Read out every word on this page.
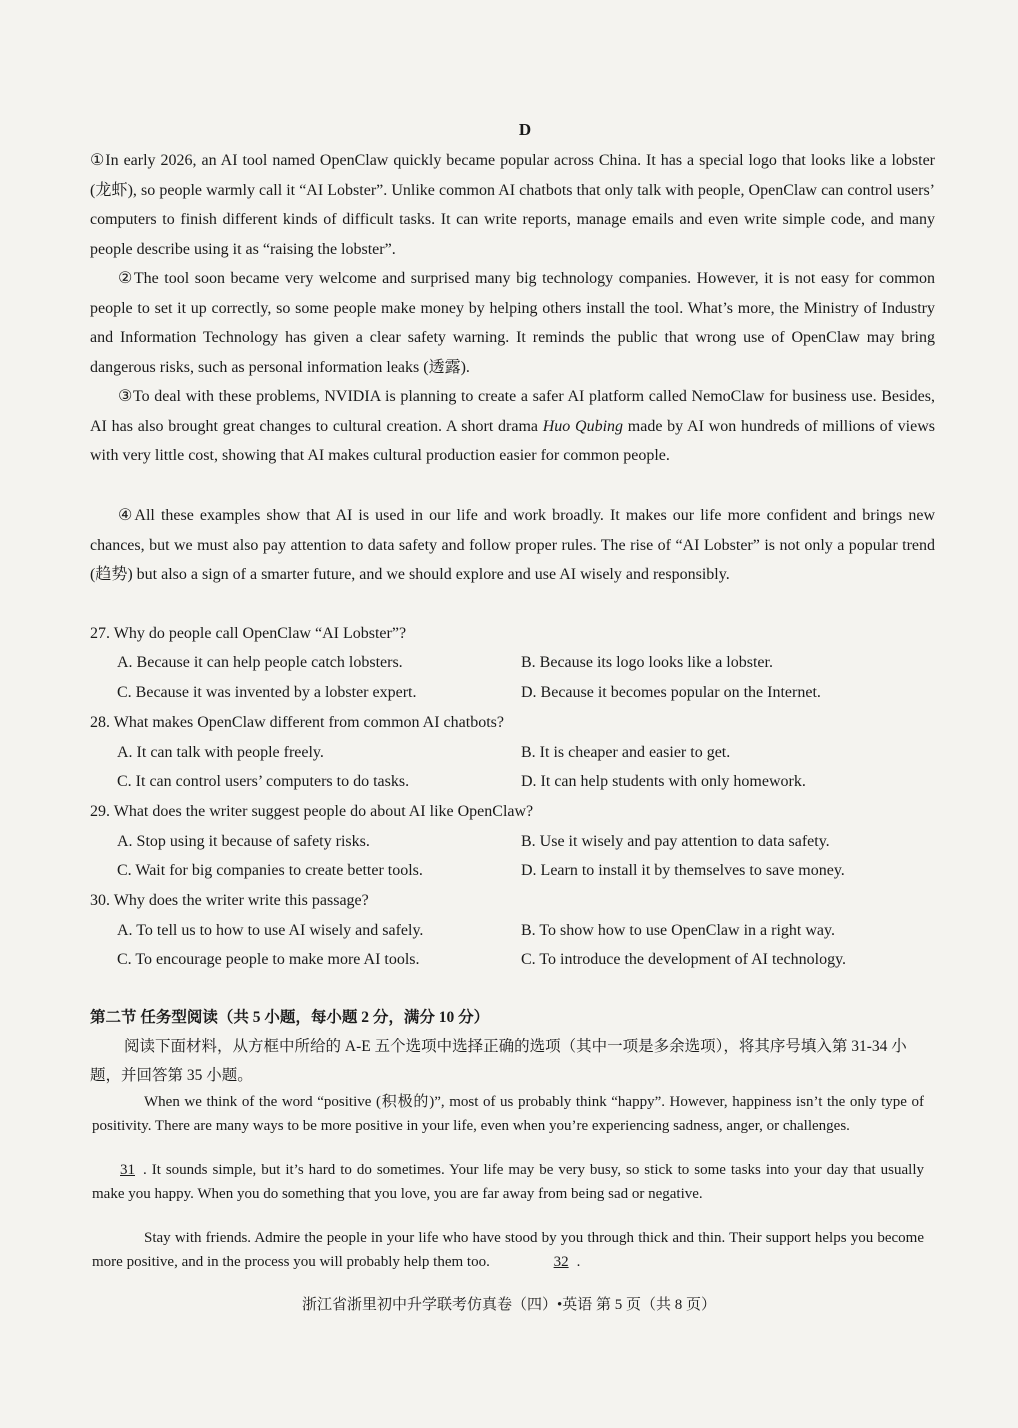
D

①In early 2026, an AI tool named OpenClaw quickly became popular across China. It has a special logo that looks like a lobster (龙虾), so people warmly call it “AI Lobster”. Unlike common AI chatbots that only talk with people, OpenClaw can control users’ computers to finish different kinds of difficult tasks. It can write reports, manage emails and even write simple code, and many people describe using it as “raising the lobster”.

②The tool soon became very welcome and surprised many big technology companies. However, it is not easy for common people to set it up correctly, so some people make money by helping others install the tool. What’s more, the Ministry of Industry and Information Technology has given a clear safety warning. It reminds the public that wrong use of OpenClaw may bring dangerous risks, such as personal information leaks (透露).

③To deal with these problems, NVIDIA is planning to create a safer AI platform called NemoClaw for business use. Besides, AI has also brought great changes to cultural creation. A short drama Huo Qubing made by AI won hundreds of millions of views with very little cost, showing that AI makes cultural production easier for common people.

④All these examples show that AI is used in our life and work broadly. It makes our life more confident and brings new chances, but we must also pay attention to data safety and follow proper rules. The rise of “AI Lobster” is not only a popular trend (趋势) but also a sign of a smarter future, and we should explore and use AI wisely and responsibly.

27. Why do people call OpenClaw “AI Lobster”?
A. Because it can help people catch lobsters.	B. Because its logo looks like a lobster.
C. Because it was invented by a lobster expert.	D. Because it becomes popular on the Internet.
28. What makes OpenClaw different from common AI chatbots?
A. It can talk with people freely.	B. It is cheaper and easier to get.
C. It can control users’ computers to do tasks.	D. It can help students with only homework.
29. What does the writer suggest people do about AI like OpenClaw?
A. Stop using it because of safety risks.	B. Use it wisely and pay attention to data safety.
C. Wait for big companies to create better tools.	D. Learn to install it by themselves to save money.
30. Why does the writer write this passage?
A. To tell us to how to use AI wisely and safely.	B. To show how to use OpenClaw in a right way.
C. To encourage people to make more AI tools.	C. To introduce the development of AI technology.
第二节 任务型阅读（共 5 小题，每小题 2 分，满分 10 分）

阅读下面材料，从方框中所给的 A-E 五个选项中选择正确的选项（其中一项是多余选项），将其序号填入第 31-34 小题，并回答第 35 小题。

When we think of the word “positive (积极的)”, most of us probably think “happy”. However, happiness isn’t the only type of positivity. There are many ways to be more positive in your life, even when you’re experiencing sadness, anger, or challenges.

31 . It sounds simple, but it’s hard to do sometimes. Your life may be very busy, so stick to some tasks into your day that usually make you happy. When you do something that you love, you are far away from being sad or negative.

Stay with friends. Admire the people in your life who have stood by you through thick and thin. Their support helps you become more positive, and in the process you will probably help them too.	32 .

浙江省浙里初中升学联考仿真卷（四）•英语 第 5 页（共 8 页）
